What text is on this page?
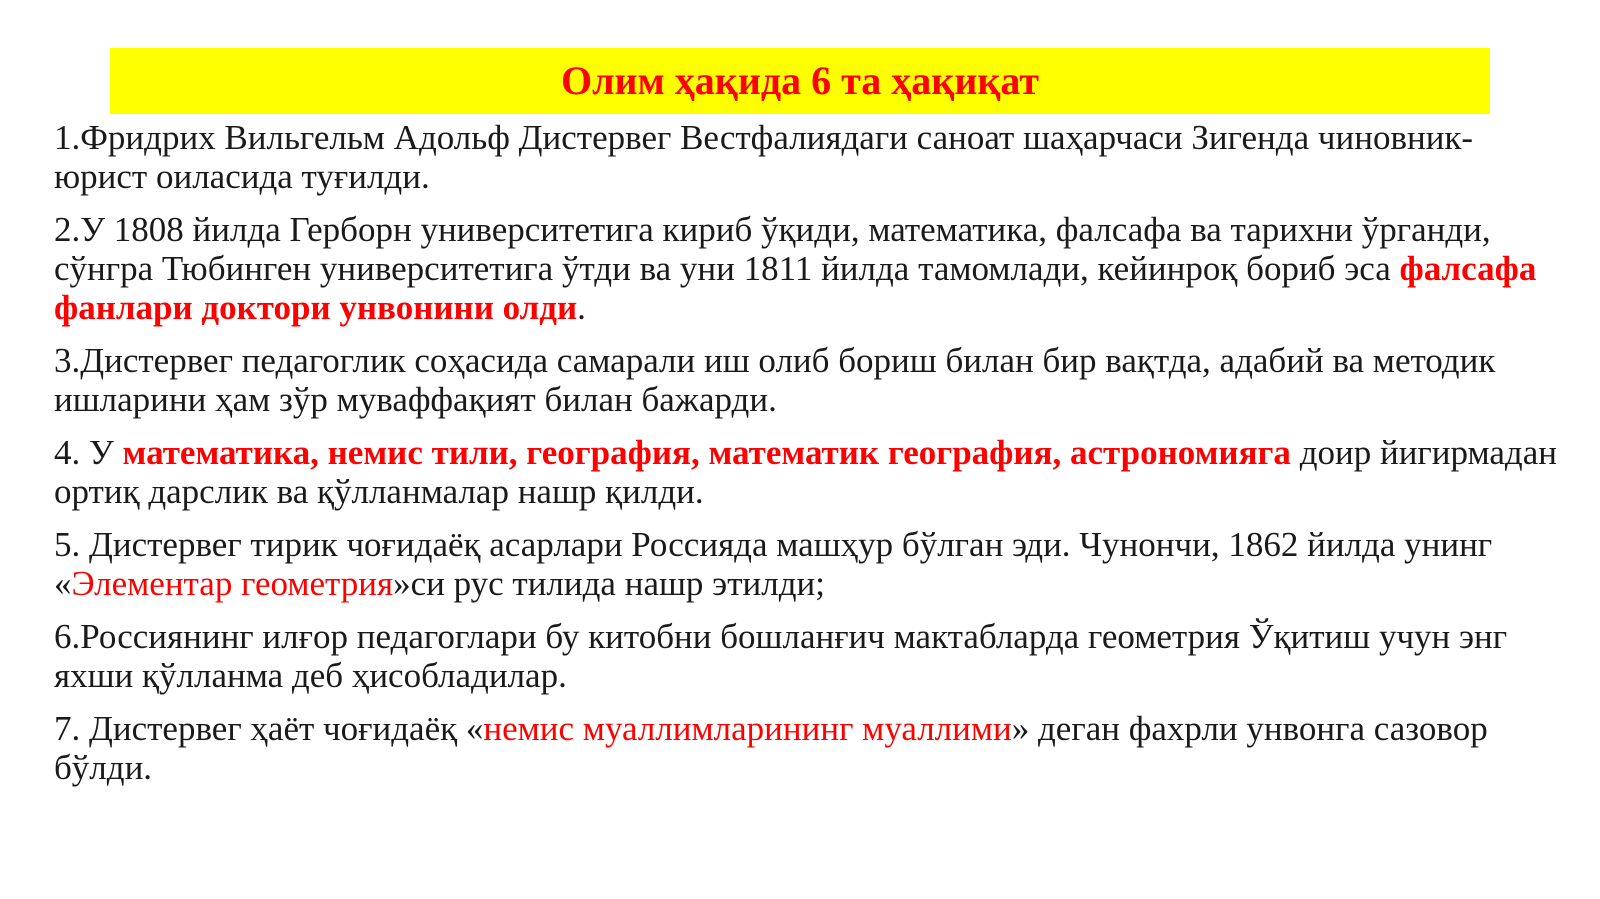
Олим ҳақида 6 та ҳақиқат

1.Фридрих Вильгельм Адольф Дистервег Вестфалиядаги саноат шаҳарчаси Зигенда чиновник-юрист оиласида туғилди.

2.У 1808 йилда Герборн университетига кириб ўқиди, математика, фалсафа ва тарихни ўрганди, сўнгра Тюбинген университетига ўтди ва уни 1811 йилда тамомлади, кейинроқ бориб эса фалсафа фанлари доктори унвонини олди.

3.Дистервег педагоглик соҳасида самарали иш олиб бориш билан бир вақтда, адабий ва методик ишларини ҳам зўр муваффақият билан бажарди.

4. У математика, немис тили, география, математик география, астрономияга доир йигирмадан ортиқ дарслик ва қўлланмалар нашр қилди.

5. Дистервег тирик чоғидаёқ асарлари Россияда машҳур бўлган эди. Чунончи, 1862 йилда унинг «Элементар геометрия»си рус тилида нашр этилди;

6.Россиянинг илғор педагоглари бу китобни бошланғич мактабларда геометрия Ўқитиш учун энг яхши қўлланма деб ҳисобладилар.

7. Дистервег ҳаёт чоғидаёқ «немис муаллимларининг муаллими» деган фахрли унвонга сазовор бўлди.
